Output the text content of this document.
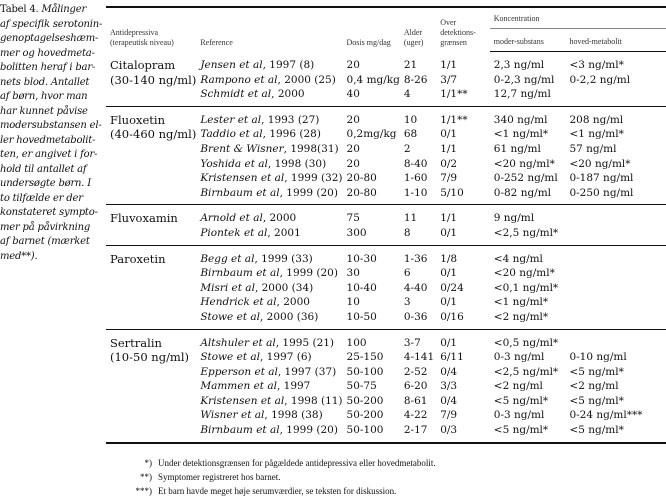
Tabel 4. Målinger
af specifik serotonin-
genoptagelseshæm-
mer og hovedmeta-
bolitten heraf i bar-
nets blod. Antallet
af børn, hvor man
har kunnet påvise
modersubstansen el-
ler hovedmetabolit-
ten, er angivet i for-
hold til antallet af
undersøgte børn. I
to tilfælde er der
konstateret sympto-
mer på påvirkning
af barnet (mærket
med**).

Antidepressiva (terapeutisk niveau)	Reference	Dosis mg/dag	Alder (uger)	Over detektions-grænsen	Koncentration	
					moder-substans	hoved-metabolit
Citalopram	Jensen et al, 1997 (8)	20	21	1/1	2,3 ng/ml	<3 ng/ml*
(30-140 ng/ml)	Rampono et al, 2000 (25)	0,4 mg/kg	8-26	3/7	0-2,3 ng/ml	0-2,2 ng/ml
	Schmidt et al, 2000	40	4	1/1**	12,7 ng/ml	
Fluoxetin	Lester et al, 1993 (27)	20	10	1/1**	340 ng/ml	208 ng/ml
(40-460 ng/ml)	Taddio et al, 1996 (28)	0,2mg/kg	68	0/1	<1 ng/ml*	<1 ng/ml*
	Brent & Wisner, 1998(31)	20	2	1/1	61 ng/ml	57 ng/ml
	Yoshida et al, 1998 (30)	20	8-40	0/2	<20 ng/ml*	<20 ng/ml*
	Kristensen et al, 1999 (32)	20-80	1-60	7/9	0-252 ng/ml	0-187 ng/ml
	Birnbaum et al, 1999 (20)	20-80	1-10	5/10	0-82 ng/ml	0-250 ng/ml
Fluvoxamin	Arnold et al, 2000	75	11	1/1	9 ng/ml	
	Piontek et al, 2001	300	8	0/1	<2,5 ng/ml*	
Paroxetin	Begg et al, 1999 (33)	10-30	1-36	1/8	<4 ng/ml	
	Birnbaum et al, 1999 (20)	30	6	0/1	<20 ng/ml*	
	Misri et al, 2000 (34)	10-40	4-40	0/24	<0,1 ng/ml*	
	Hendrick et al, 2000	10	3	0/1	<1 ng/ml*	
	Stowe et al, 2000 (36)	10-50	0-36	0/16	<2 ng/ml*	
Sertralin	Altshuler et al, 1995 (21)	100	3-7	0/1	<0,5 ng/ml*	
(10-50 ng/ml)	Stowe et al, 1997 (6)	25-150	4-141	6/11	0-3 ng/ml	0-10 ng/ml
	Epperson et al, 1997 (37)	50-100	2-52	0/4	<2,5 ng/ml*	<5 ng/ml*
	Mammen et al, 1997	50-75	6-20	3/3	<2 ng/ml	<2 ng/ml
	Kristensen et al, 1998 (11)	50-200	8-61	0/4	<5 ng/ml*	<5 ng/ml*
	Wisner et al, 1998 (38)	50-200	4-22	7/9	0-3 ng/ml	0-24 ng/ml***
	Birnbaum et al, 1999 (20)	50-100	2-17	0/3	<5 ng/ml*	<5 ng/ml*
*) Under detektionsgrænsen for pågældede antidepressiva eller hovedmetabolit.
**) Symptomer registreret hos barnet.
***) Et barn havde meget høje serumværdier, se teksten for diskussion.
